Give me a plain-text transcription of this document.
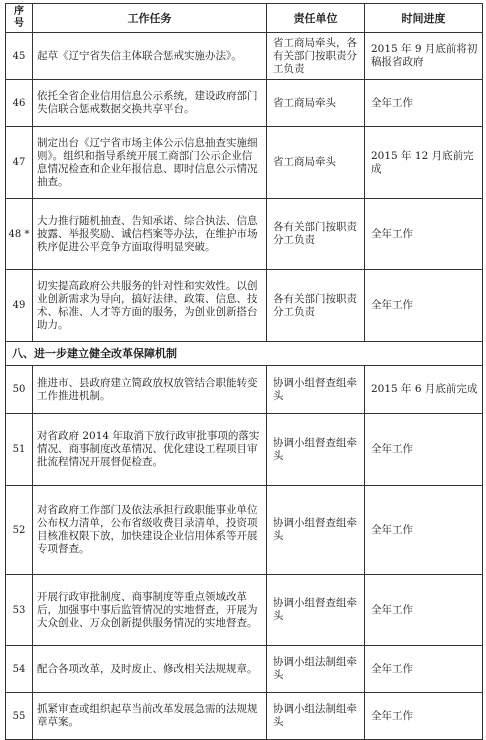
序号	工作任务	责任单位	时间进度
45	起草《辽宁省失信主体联合惩戒实施办法》。	省工商局牵头，各有关部门按职责分工负责	2015 年 9 月底前将初稿报省政府
46	依托全省企业信用信息公示系统，建设政府部门失信联合惩戒数据交换共享平台。	省工商局牵头	全年工作
47	制定出台《辽宁省市场主体公示信息抽查实施细则》。组织和指导系统开展工商部门公示企业信息情况检查和企业年报信息、即时信息公示情况抽查。	省工商局牵头	2015 年 12 月底前完成
48 *	大力推行随机抽查、告知承诺、综合执法、信息披露、举报奖励、诚信档案等办法，在维护市场秩序促进公平竞争方面取得明显突破。	各有关部门按职责分工负责	全年工作
49	切实提高政府公共服务的针对性和实效性。以创业创新需求为导向，搞好法律、政策、信息、技术、标准、人才等方面的服务，为创业创新搭台助力。	各有关部门按职责分工负责	全年工作
八、进一步建立健全改革保障机制			
50	推进市、县政府建立简政放权放管结合职能转变工作推进机制。	协调小组督查组牵头	2015 年 6 月底前完成
51	对省政府 2014 年取消下放行政审批事项的落实情况、商事制度改革情况、优化建设工程项目审批流程情况开展督促检查。	协调小组督查组牵头	全年工作
52	对省政府工作部门及依法承担行政职能事业单位公布权力清单，公布省级收费目录清单，投资项目核准权限下放，加快建设企业信用体系等开展专项督查。	协调小组督查组牵头	全年工作
53	开展行政审批制度、商事制度等重点领域改革后，加强事中事后监管情况的实地督查，开展为大众创业、万众创新提供服务情况的实地督查。	协调小组督查组牵头	全年工作
54	配合各项改革，及时废止、修改相关法规规章。	协调小组法制组牵头	全年工作
55	抓紧审查或组织起草当前改革发展急需的法规规章草案。	协调小组法制组牵头	全年工作
